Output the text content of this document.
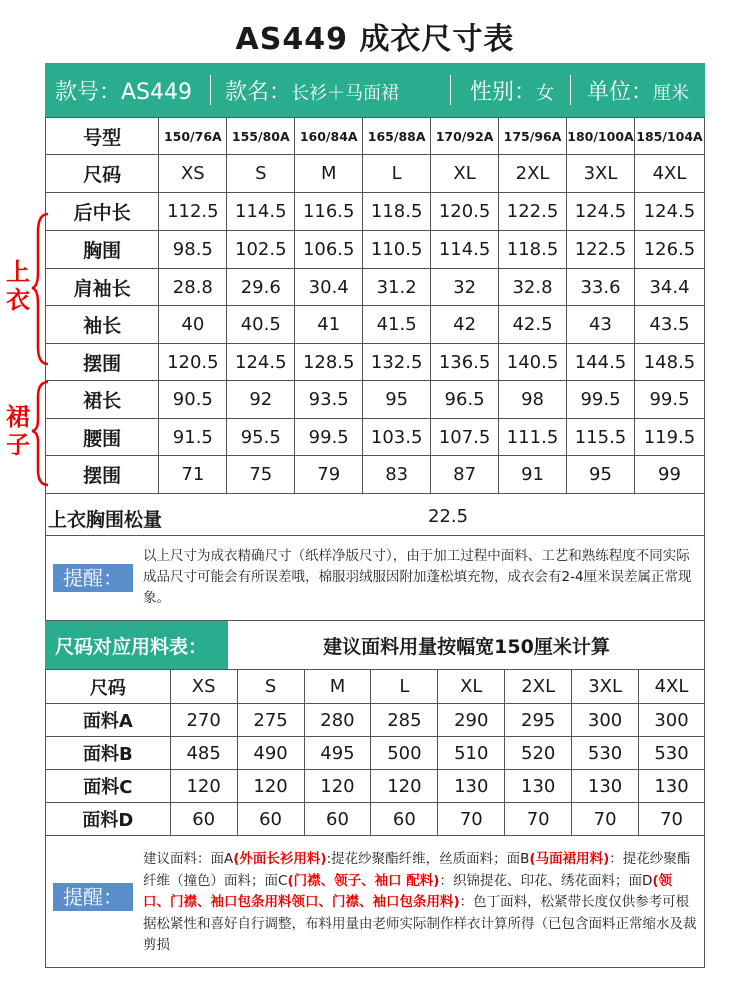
AS449 成衣尺寸表
款号：AS449	款名：长衫＋马面裙	性别：女	单位：厘米
号型	150/76A	155/80A	160/84A	165/88A	170/92A	175/96A	180/100A	185/104A
尺码	XS	S	M	L	XL	2XL	3XL	4XL
后中长	112.5	114.5	116.5	118.5	120.5	122.5	124.5	124.5
胸围	98.5	102.5	106.5	110.5	114.5	118.5	122.5	126.5
肩袖长	28.8	29.6	30.4	31.2	32	32.8	33.6	34.4
袖长	40	40.5	41	41.5	42	42.5	43	43.5
摆围	120.5	124.5	128.5	132.5	136.5	140.5	144.5	148.5
裙长	90.5	92	93.5	95	96.5	98	99.5	99.5
腰围	91.5	95.5	99.5	103.5	107.5	111.5	115.5	119.5
摆围	71	75	79	83	87	91	95	99
上衣胸围松量	22.5
上衣
裙子
提醒：
以上尺寸为成衣精确尺寸（纸样净版尺寸），由于加工过程中面料、工艺和熟练程度不同实际成品尺寸可能会有所误差哦，棉服羽绒服因附加蓬松填充物，成衣会有2-4厘米误差属正常现象。
尺码对应用料表：	建议面料用量按幅宽150厘米计算
尺码	XS	S	M	L	XL	2XL	3XL	4XL
面料A	270	275	280	285	290	295	300	300
面料B	485	490	495	500	510	520	530	530
面料C	120	120	120	120	130	130	130	130
面料D	60	60	60	60	70	70	70	70
提醒：
建议面料：面A(外面长衫用料):提花纱聚酯纤维，丝质面料；面B(马面裙用料)：提花纱聚酯纤维（撞色）面料；面C(门襟、领子、袖口 配料)：织锦提花、印花、绣花面料；面D(领口、门襟、袖口包条用料领口、门襟、袖口包条用料)：色丁面料，松紧带长度仅供参考可根据松紧性和喜好自行调整，布料用量由老师实际制作样衣计算所得（已包含面料正常缩水及裁剪损
